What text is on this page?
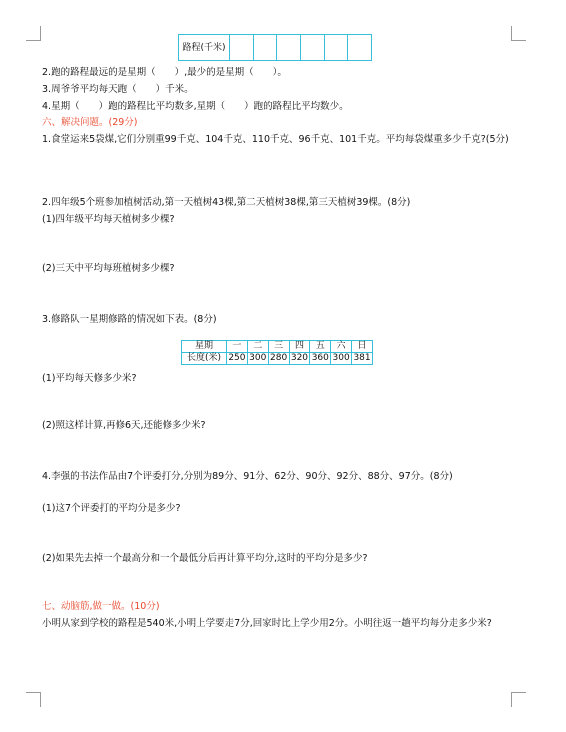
路程(千米)						
2.跑的路程最远的是星期（　　）,最少的是星期（　　）。
3.周爷爷平均每天跑（　　）千米。
4.星期（　　）跑的路程比平均数多,星期（　　）跑的路程比平均数少。
六、解决问题。(29分)
1.食堂运来5袋煤,它们分别重99千克、104千克、110千克、96千克、101千克。平均每袋煤重多少千克?(5分)
2.四年级5个班参加植树活动,第一天植树43棵,第二天植树38棵,第三天植树39棵。(8分)
(1)四年级平均每天植树多少棵?
(2)三天中平均每班植树多少棵?
3.修路队一星期修路的情况如下表。(8分)
星期	一	二	三	四	五	六	日
长度(米)	250	300	280	320	360	300	381
(1)平均每天修多少米?
(2)照这样计算,再修6天,还能修多少米?
4.李强的书法作品由7个评委打分,分别为89分、91分、62分、90分、92分、88分、97分。(8分)
(1)这7个评委打的平均分是多少?
(2)如果先去掉一个最高分和一个最低分后再计算平均分,这时的平均分是多少?
七、动脑筋,做一做。(10分)
小明从家到学校的路程是540米,小明上学要走7分,回家时比上学少用2分。小明往返一趟平均每分走多少米?
